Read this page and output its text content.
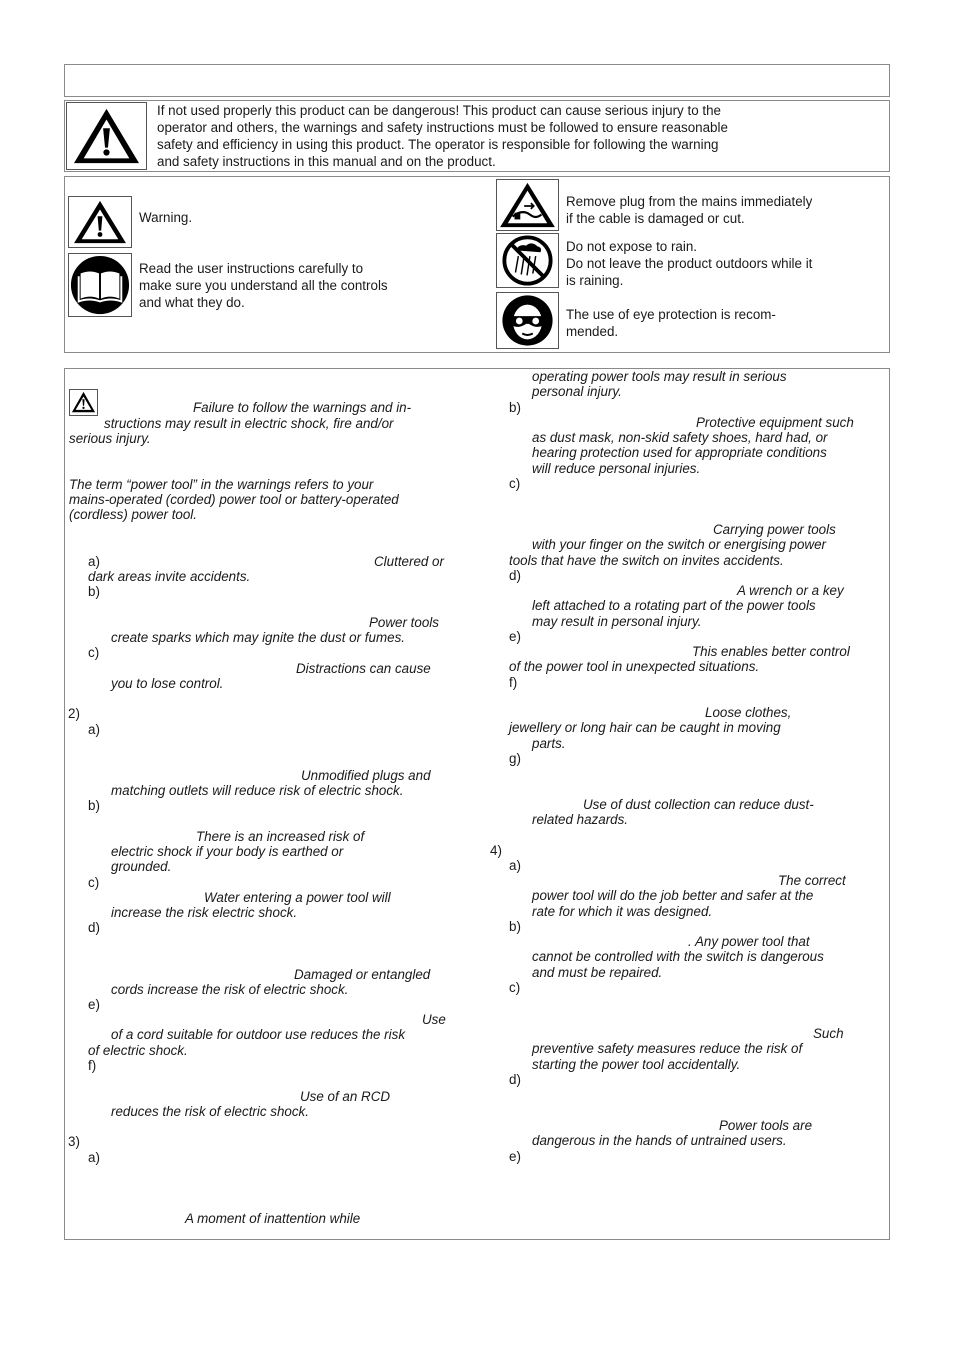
If not used properly this product can be dangerous! This product can cause serious injury to the
operator and others, the warnings and safety instructions must be followed to ensure reasonable
safety and efficiency in using this product. The operator is responsible for following the warning
and safety instructions in this manual and on the product.
Warning.
Read the user instructions carefully to
make sure you understand all the controls
and what they do.
Remove plug from the mains immediately
if the cable is damaged or cut.
Do not expose to rain.
Do not leave the product outdoors while it
is raining.
The use of eye protection is recom-
mended.
Failure to follow the warnings and in-
structions may result in electric shock, fire and/or
serious injury.
The term “power tool” in the warnings refers to your
mains-operated (corded) power tool or battery-operated
(cordless) power tool.
a)	Cluttered or
dark areas invite accidents.
b)
Power tools
create sparks which may ignite the dust or fumes.
c)
Distractions can cause
you to lose control.
2)
a)
Unmodified plugs and
matching outlets will reduce risk of electric shock.
b)
There is an increased risk of
electric shock if your body is earthed or
grounded.
c)
Water entering a power tool will
increase the risk electric shock.
d)
Damaged or entangled
cords increase the risk of electric shock.
e)
Use
of a cord suitable for outdoor use reduces the risk
of electric shock.
f)
Use of an RCD
reduces the risk of electric shock.
3)
a)
A moment of inattention while
operating power tools may result in serious
personal injury.
b)
Protective equipment such
as dust mask, non-skid safety shoes, hard had, or
hearing protection used for appropriate conditions
will reduce personal injuries.
c)
Carrying power tools
with your finger on the switch or energising power
tools that have the switch on invites accidents.
d)
A wrench or a key
left attached to a rotating part of the power tools
may result in personal injury.
e)
This enables better control
of the power tool in unexpected situations.
f)
Loose clothes,
jewellery or long hair can be caught in moving
parts.
g)
Use of dust collection can reduce dust-
related hazards.
4)
a)
The correct
power tool will do the job better and safer at the
rate for which it was designed.
b)
. Any power tool that
cannot be controlled with the switch is dangerous
and must be repaired.
c)
Such
preventive safety measures reduce the risk of
starting the power tool accidentally.
d)
Power tools are
dangerous in the hands of untrained users.
e)
